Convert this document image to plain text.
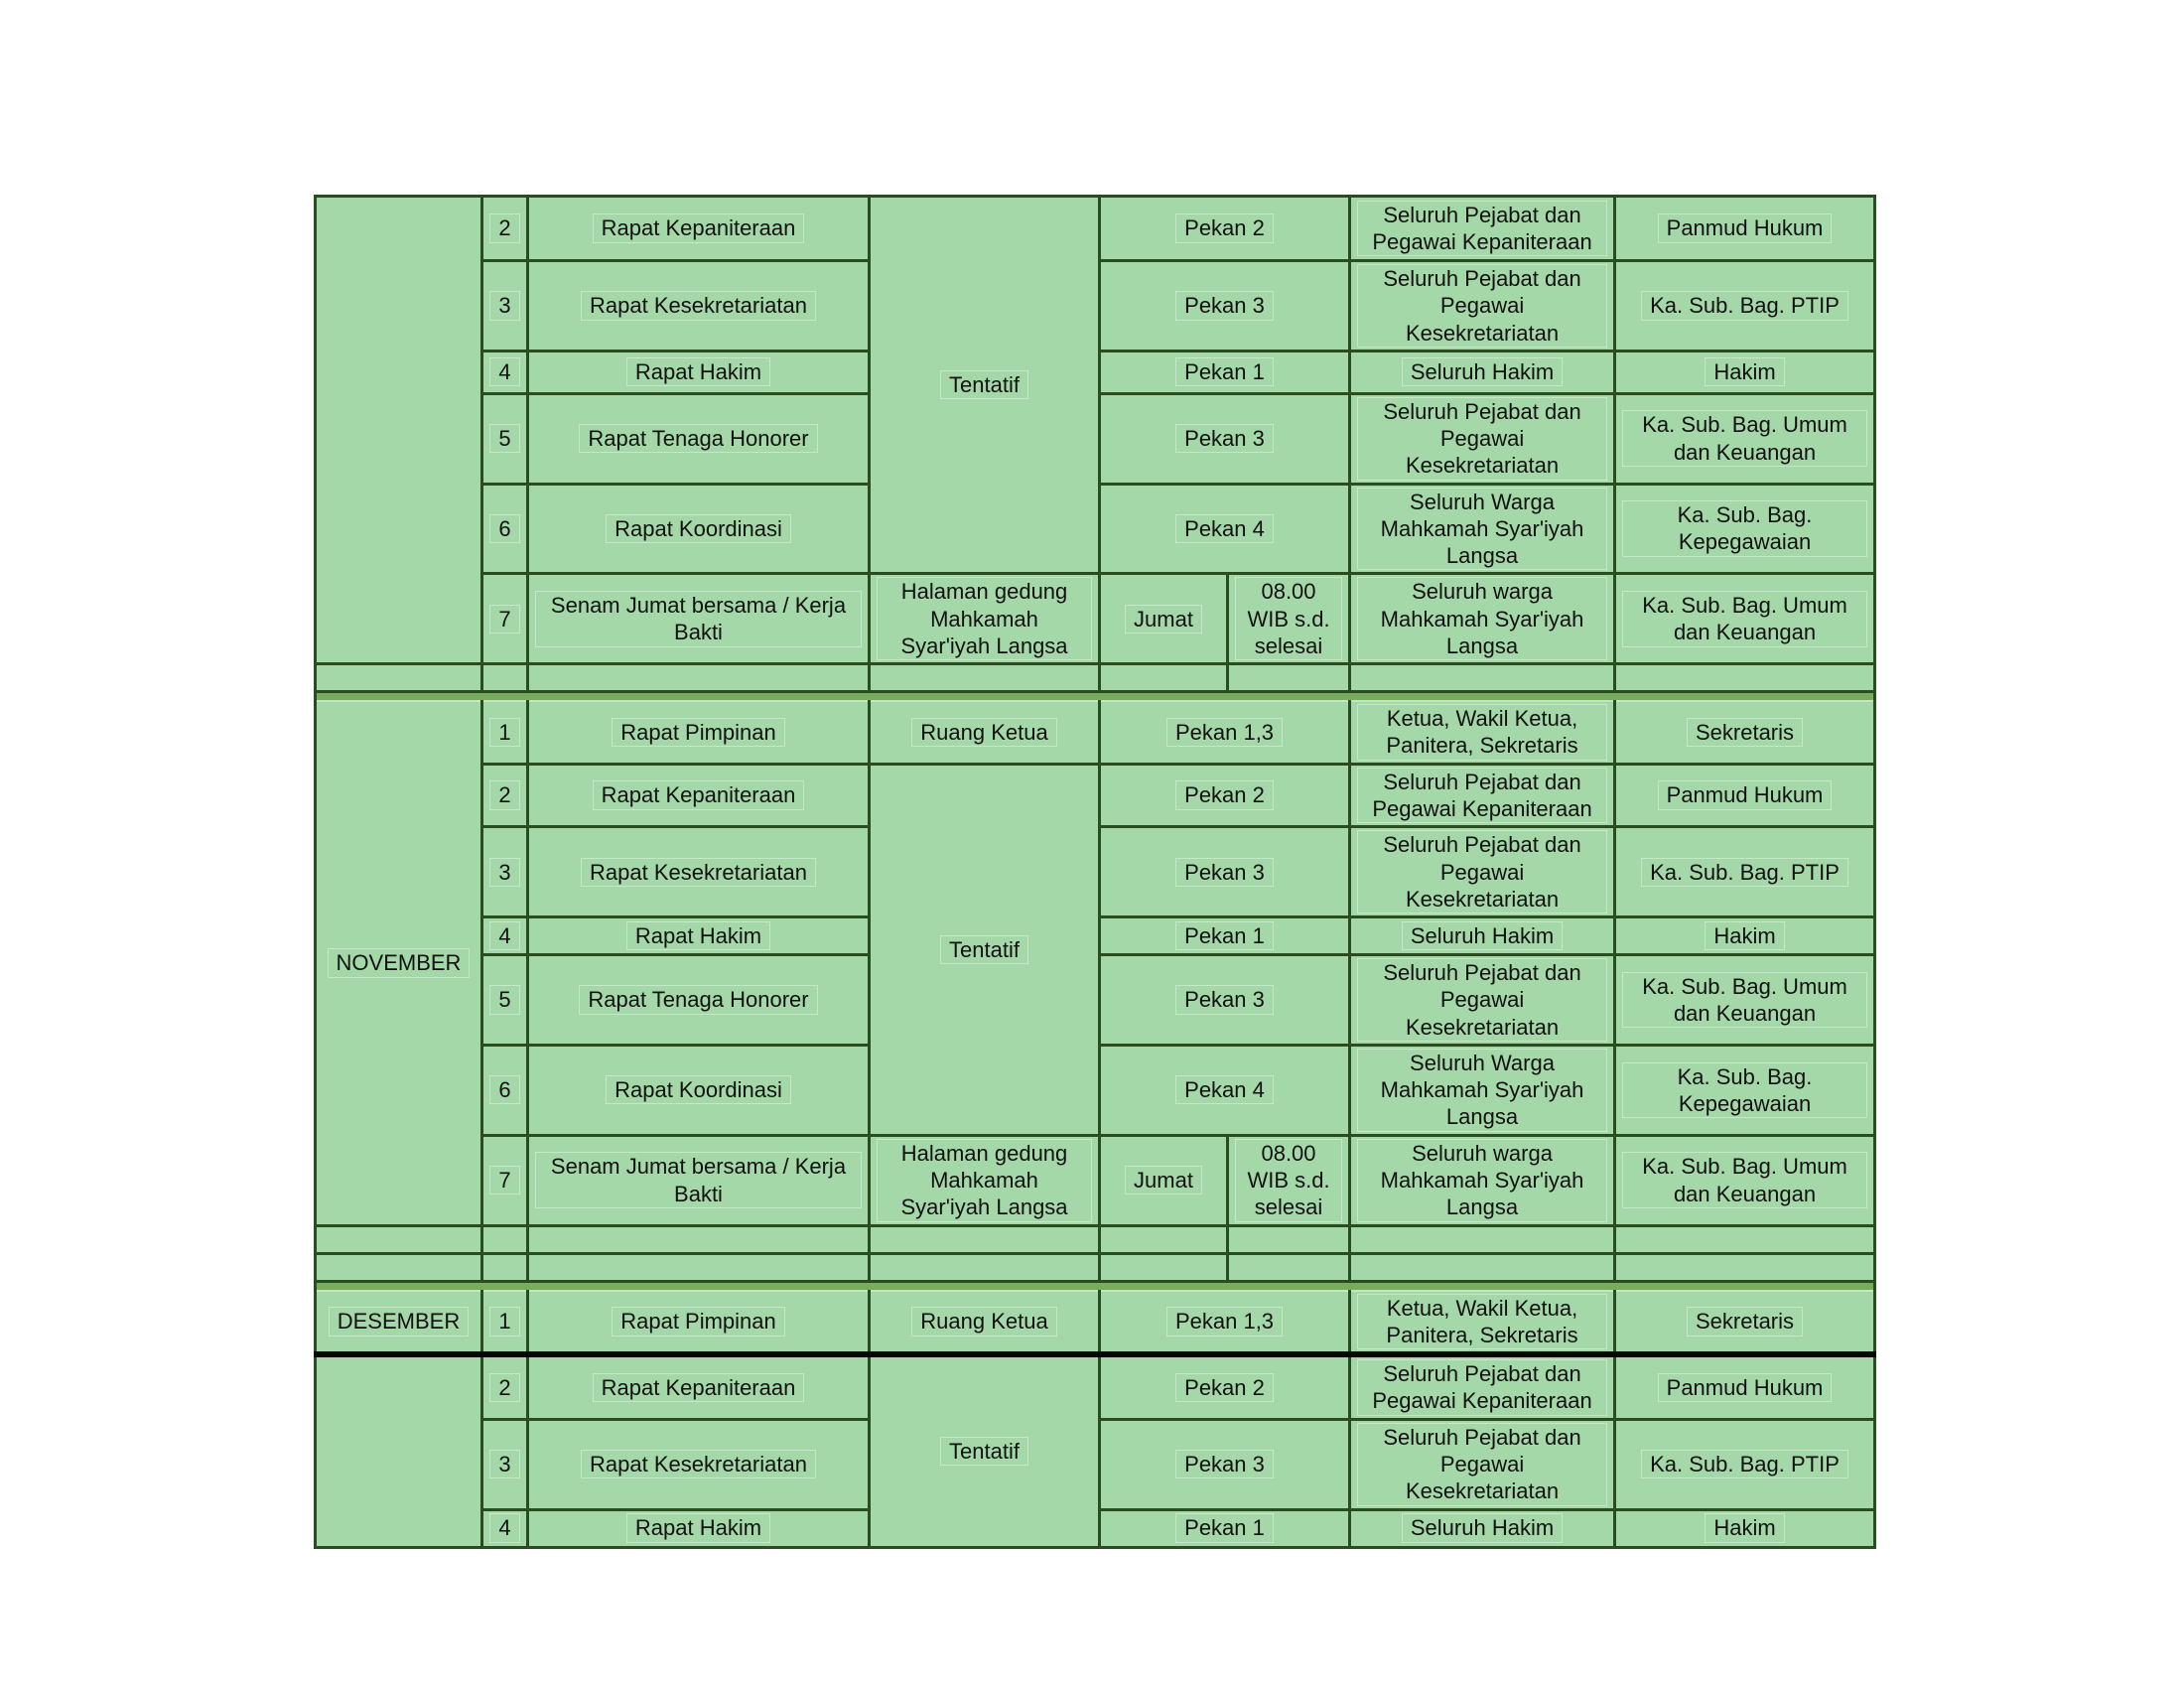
	2	Rapat Kepaniteraan	Tentatif	Pekan 2		Seluruh Pejabat dan Pegawai Kepaniteraan	Panmud Hukum
	3	Rapat Kesekretariatan		Pekan 3		Seluruh Pejabat dan Pegawai Kesekretariatan	Ka. Sub. Bag. PTIP
	4	Rapat Hakim		Pekan 1		Seluruh Hakim	Hakim
	5	Rapat Tenaga Honorer		Pekan 3		Seluruh Pejabat dan Pegawai Kesekretariatan	Ka. Sub. Bag. Umum dan Keuangan
	6	Rapat Koordinasi		Pekan 4		Seluruh Warga Mahkamah Syar'iyah Langsa	Ka. Sub. Bag. Kepegawaian
	7	Senam Jumat bersama / Kerja Bakti	Halaman gedung Mahkamah Syar'iyah Langsa	Jumat	08.00 WIB s.d. selesai	Seluruh warga Mahkamah Syar'iyah Langsa	Ka. Sub. Bag. Umum dan Keuangan

NOVEMBER	1	Rapat Pimpinan	Ruang Ketua	Pekan 1,3		Ketua, Wakil Ketua, Panitera, Sekretaris	Sekretaris
	2	Rapat Kepaniteraan	Tentatif	Pekan 2		Seluruh Pejabat dan Pegawai Kepaniteraan	Panmud Hukum
	3	Rapat Kesekretariatan		Pekan 3		Seluruh Pejabat dan Pegawai Kesekretariatan	Ka. Sub. Bag. PTIP
	4	Rapat Hakim		Pekan 1		Seluruh Hakim	Hakim
	5	Rapat Tenaga Honorer		Pekan 3		Seluruh Pejabat dan Pegawai Kesekretariatan	Ka. Sub. Bag. Umum dan Keuangan
	6	Rapat Koordinasi		Pekan 4		Seluruh Warga Mahkamah Syar'iyah Langsa	Ka. Sub. Bag. Kepegawaian
	7	Senam Jumat bersama / Kerja Bakti	Halaman gedung Mahkamah Syar'iyah Langsa	Jumat	08.00 WIB s.d. selesai	Seluruh warga Mahkamah Syar'iyah Langsa	Ka. Sub. Bag. Umum dan Keuangan

DESEMBER	1	Rapat Pimpinan	Ruang Ketua	Pekan 1,3		Ketua, Wakil Ketua, Panitera, Sekretaris	Sekretaris
	2	Rapat Kepaniteraan	Tentatif	Pekan 2		Seluruh Pejabat dan Pegawai Kepaniteraan	Panmud Hukum
	3	Rapat Kesekretariatan		Pekan 3		Seluruh Pejabat dan Pegawai Kesekretariatan	Ka. Sub. Bag. PTIP
	4	Rapat Hakim		Pekan 1		Seluruh Hakim	Hakim
